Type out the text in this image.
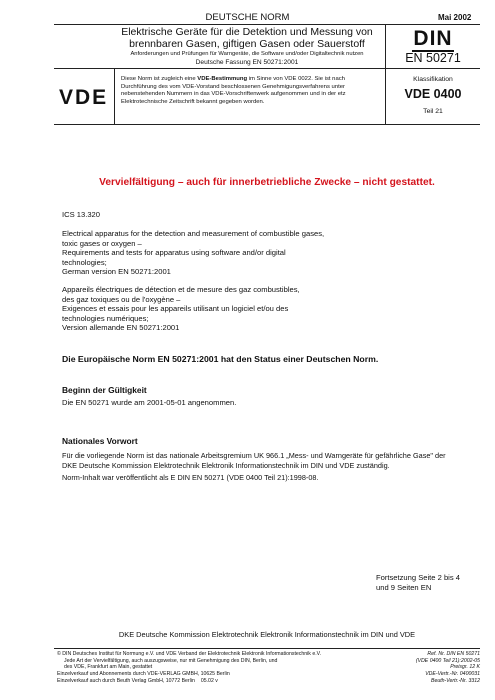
DEUTSCHE NORM	Mai 2002
Elektrische Geräte für die Detektion und Messung von
brennbaren Gasen, giftigen Gasen oder Sauerstoff
Anforderungen und Prüfungen für Warngeräte, die Software und/oder Digitaltechnik nutzen
Deutsche Fassung EN 50271:2001
DIN
EN 50271
VDE
Diese Norm ist zugleich eine VDE-Bestimmung im Sinne von VDE 0022. Sie ist nach Durchführung des vom VDE-Vorstand beschlossenen Genehmigungsverfahrens unter nebenstehenden Nummern in das VDE-Vorschriftenwerk aufgenommen und in der etz Elektrotechnische Zeitschrift bekannt gegeben worden.
Klassifikation
VDE 0400
Teil 21
Vervielfältigung – auch für innerbetriebliche Zwecke – nicht gestattet.
ICS 13.320
Electrical apparatus for the detection and measurement of combustible gases,
toxic gases or oxygen –
Requirements and tests for apparatus using software and/or digital
technologies;
German version EN 50271:2001
Appareils électriques de détection et de mesure des gaz combustibles,
des gaz toxiques ou de l'oxygène –
Exigences et essais pour les appareils utilisant un logiciel et/ou des
technologies numériques;
Version allemande EN 50271:2001
Die Europäische Norm EN 50271:2001 hat den Status einer Deutschen Norm.
Beginn der Gültigkeit
Die EN 50271 wurde am 2001-05-01 angenommen.
Nationales Vorwort
Für die vorliegende Norm ist das nationale Arbeitsgremium UK 966.1 „Mess- und Warngeräte für gefährliche Gase" der
DKE Deutsche Kommission Elektrotechnik Elektronik Informationstechnik im DIN und VDE zuständig.
Norm-Inhalt war veröffentlicht als E DIN EN 50271 (VDE 0400 Teil 21):1998-08.
Fortsetzung Seite 2 bis 4
und 9 Seiten EN
DKE Deutsche Kommission Elektrotechnik Elektronik Informationstechnik im DIN und VDE
© DIN Deutsches Institut für Normung e.V. und VDE Verband der Elektrotechnik Elektronik Informationstechnik e.V.
Jede Art der Vervielfältigung, auch auszugsweise, nur mit Genehmigung des DIN, Berlin, und
des VDE, Frankfurt am Main, gestattet
Einzelverkauf und Abonnements durch VDE-VERLAG GMBH, 10625 Berlin
Einzelverkauf auch durch Beuth Verlag GmbH, 10772 Berlin 05.02 v
Ref. Nr. DIN EN 50271
(VDE 0400 Teil 21):2002-05
Preisgr. 12 K
VDE-Vertr.-Nr. 0400031
Beuth-Vertr.-Nr. 3312
